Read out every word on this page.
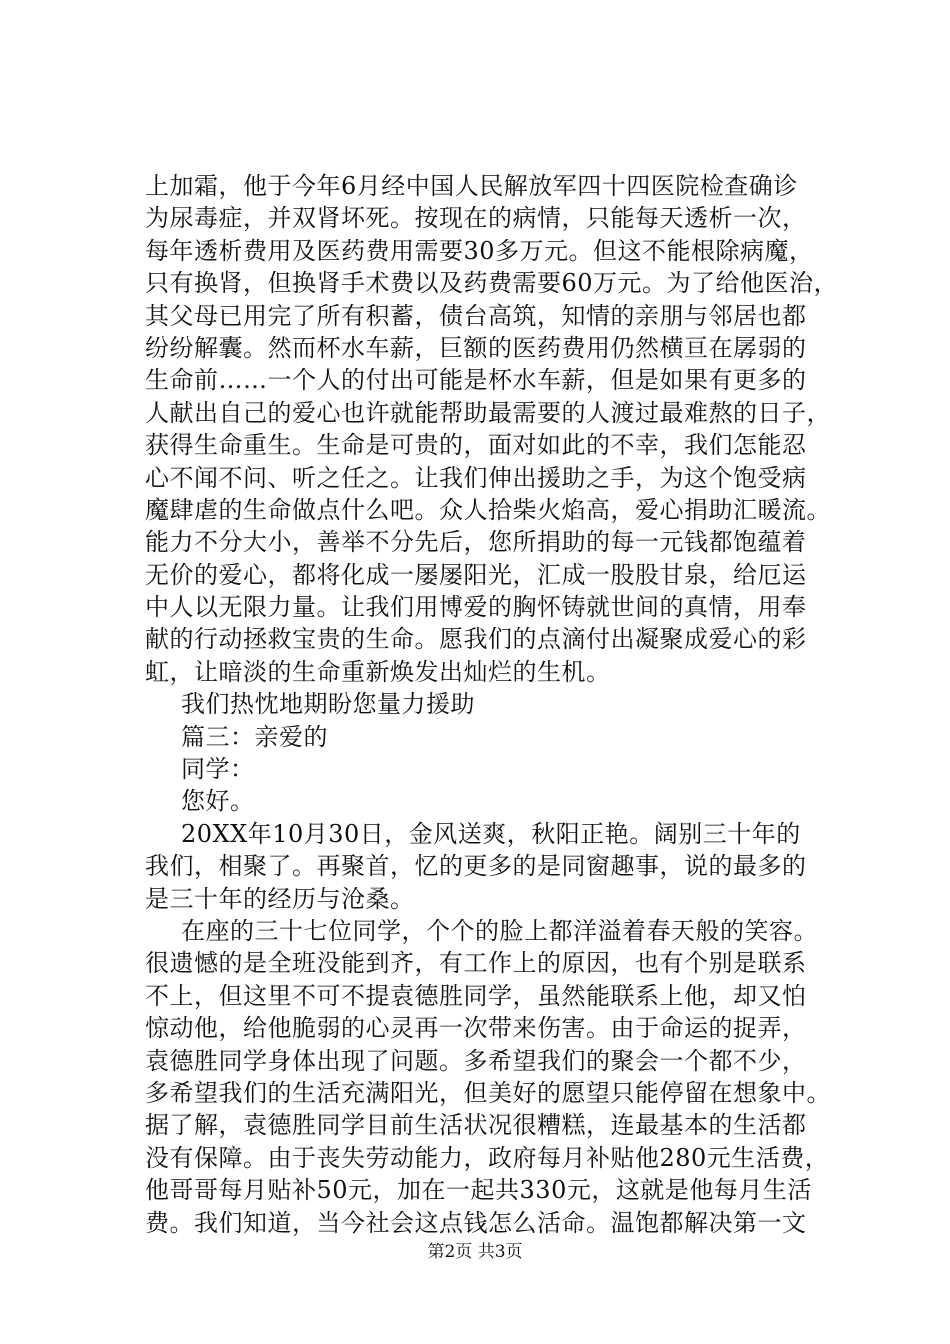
上加霜，他于今年6月经中国人民解放军四十四医院检查确诊
为尿毒症，并双肾坏死。按现在的病情，只能每天透析一次，
每年透析费用及医药费用需要30多万元。但这不能根除病魔，
只有换肾，但换肾手术费以及药费需要60万元。为了给他医治，
其父母已用完了所有积蓄，债台高筑，知情的亲朋与邻居也都
纷纷解囊。然而杯水车薪，巨额的医药费用仍然横亘在孱弱的
生命前……一个人的付出可能是杯水车薪，但是如果有更多的
人献出自己的爱心也许就能帮助最需要的人渡过最难熬的日子，
获得生命重生。生命是可贵的，面对如此的不幸，我们怎能忍
心不闻不问、听之任之。让我们伸出援助之手，为这个饱受病
魔肆虐的生命做点什么吧。众人拾柴火焰高，爱心捐助汇暖流。
能力不分大小，善举不分先后，您所捐助的每一元钱都饱蕴着
无价的爱心，都将化成一屡屡阳光，汇成一股股甘泉，给厄运
中人以无限力量。让我们用博爱的胸怀铸就世间的真情，用奉
献的行动拯救宝贵的生命。愿我们的点滴付出凝聚成爱心的彩
虹，让暗淡的生命重新焕发出灿烂的生机。
我们热忱地期盼您量力援助
篇三：亲爱的
同学：
您好。
20XX年10月30日，金风送爽，秋阳正艳。阔别三十年的
我们，相聚了。再聚首，忆的更多的是同窗趣事，说的最多的
是三十年的经历与沧桑。
在座的三十七位同学，个个的脸上都洋溢着春天般的笑容。
很遗憾的是全班没能到齐，有工作上的原因，也有个别是联系
不上，但这里不可不提袁德胜同学，虽然能联系上他，却又怕
惊动他，给他脆弱的心灵再一次带来伤害。由于命运的捉弄，
袁德胜同学身体出现了问题。多希望我们的聚会一个都不少，
多希望我们的生活充满阳光，但美好的愿望只能停留在想象中。
据了解，袁德胜同学目前生活状况很糟糕，连最基本的生活都
没有保障。由于丧失劳动能力，政府每月补贴他280元生活费，
他哥哥每月贴补50元，加在一起共330元，这就是他每月生活
费。我们知道，当今社会这点钱怎么活命。温饱都解决第一文
第2页 共3页
